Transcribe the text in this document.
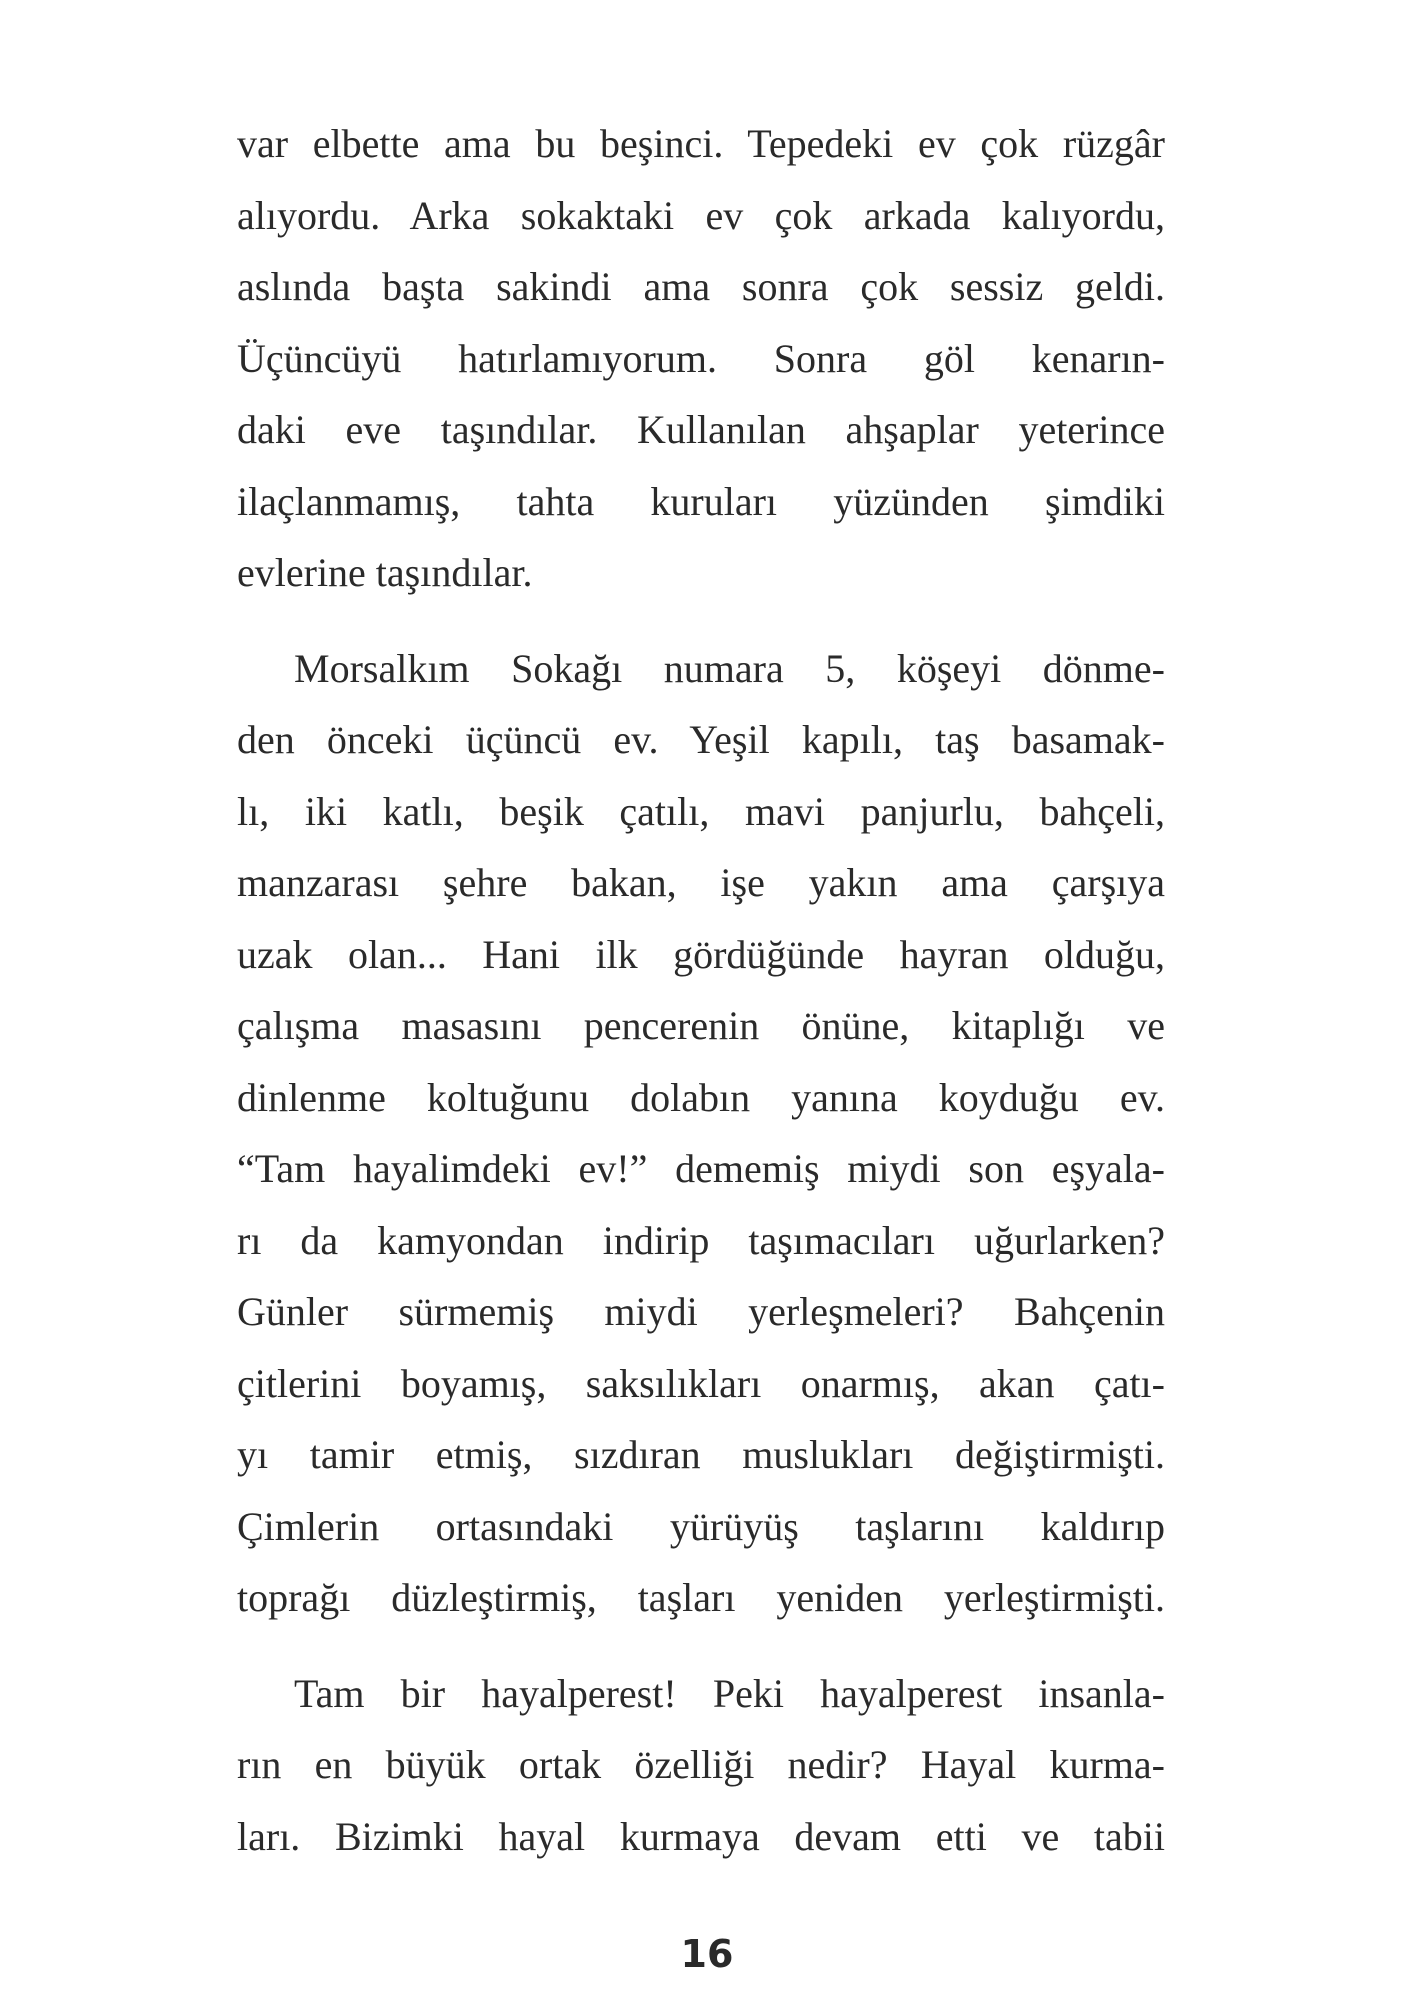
var elbette ama bu beşinci. Tepedeki ev çok rüzgâr
alıyordu. Arka sokaktaki ev çok arkada kalıyordu,
aslında başta sakindi ama sonra çok sessiz geldi.
Üçüncüyü hatırlamıyorum. Sonra göl kenarın-
daki eve taşındılar. Kullanılan ahşaplar yeterince
ilaçlanmamış, tahta kuruları yüzünden şimdiki
evlerine taşındılar.
Morsalkım Sokağı numara 5, köşeyi dönme-
den önceki üçüncü ev. Yeşil kapılı, taş basamak-
lı, iki katlı, beşik çatılı, mavi panjurlu, bahçeli,
manzarası şehre bakan, işe yakın ama çarşıya
uzak olan... Hani ilk gördüğünde hayran olduğu,
çalışma masasını pencerenin önüne, kitaplığı ve
dinlenme koltuğunu dolabın yanına koyduğu ev.
“Tam hayalimdeki ev!” dememiş miydi son eşyala-
rı da kamyondan indirip taşımacıları uğurlarken?
Günler sürmemiş miydi yerleşmeleri? Bahçenin
çitlerini boyamış, saksılıkları onarmış, akan çatı-
yı tamir etmiş, sızdıran muslukları değiştirmişti.
Çimlerin ortasındaki yürüyüş taşlarını kaldırıp
toprağı düzleştirmiş, taşları yeniden yerleştirmişti.
Tam bir hayalperest! Peki hayalperest insanla-
rın en büyük ortak özelliği nedir? Hayal kurma-
ları. Bizimki hayal kurmaya devam etti ve tabii
16
